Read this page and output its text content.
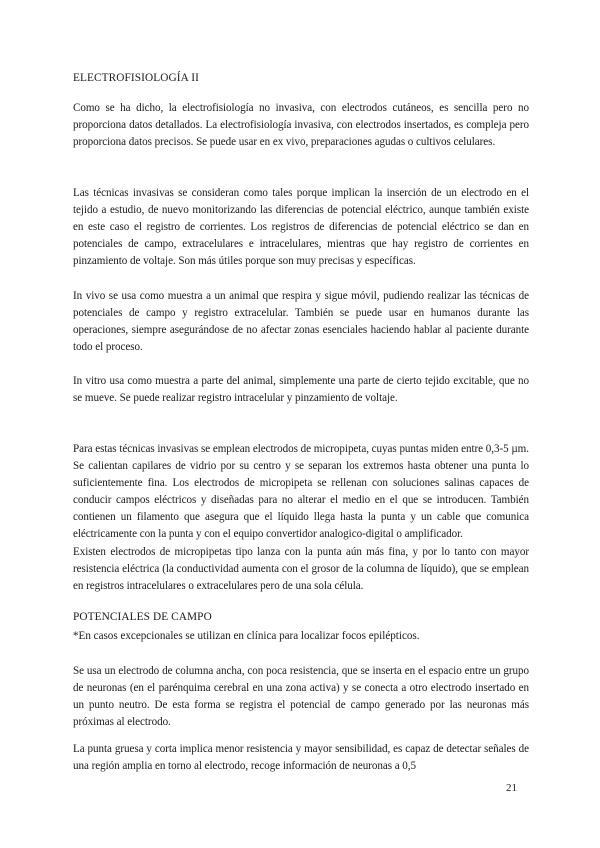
ELECTROFISIOLOGÍA II

Como se ha dicho, la electrofisiología no invasiva, con electrodos cutáneos, es sencilla pero no proporciona datos detallados. La electrofisiología invasiva, con electrodos insertados, es compleja pero proporciona datos precisos. Se puede usar en ex vivo, preparaciones agudas o cultivos celulares.

Las técnicas invasivas se consideran como tales porque implican la inserción de un electrodo en el tejido a estudio, de nuevo monitorizando las diferencias de potencial eléctrico, aunque también existe en este caso el registro de corrientes. Los registros de diferencias de potencial eléctrico se dan en potenciales de campo, extracelulares e intracelulares, mientras que hay registro de corrientes en pinzamiento de voltaje. Son más útiles porque son muy precisas y específicas.

In vivo se usa como muestra a un animal que respira y sigue móvil, pudiendo realizar las técnicas de potenciales de campo y registro extracelular. También se puede usar en humanos durante las operaciones, siempre asegurándose de no afectar zonas esenciales haciendo hablar al paciente durante todo el proceso.

In vitro usa como muestra a parte del animal, simplemente una parte de cierto tejido excitable, que no se mueve. Se puede realizar registro intracelular y pinzamiento de voltaje.

Para estas técnicas invasivas se emplean electrodos de micropipeta, cuyas puntas miden entre 0,3-5 µm. Se calientan capilares de vidrio por su centro y se separan los extremos hasta obtener una punta lo suficientemente fina. Los electrodos de micropipeta se rellenan con soluciones salinas capaces de conducir campos eléctricos y diseñadas para no alterar el medio en el que se introducen. También contienen un filamento que asegura que el líquido llega hasta la punta y un cable que comunica eléctricamente con la punta y con el equipo convertidor analogico-digital o amplificador.

Existen electrodos de micropipetas tipo lanza con la punta aún más fina, y por lo tanto con mayor resistencia eléctrica (la conductividad aumenta con el grosor de la columna de líquido), que se emplean en registros intracelulares o extracelulares pero de una sola célula.

POTENCIALES DE CAMPO

*En casos excepcionales se utilizan en clínica para localizar focos epilépticos.

Se usa un electrodo de columna ancha, con poca resistencia, que se inserta en el espacio entre un grupo de neuronas (en el parénquima cerebral en una zona activa) y se conecta a otro electrodo insertado en un punto neutro. De esta forma se registra el potencial de campo generado por las neuronas más próximas al electrodo.

La punta gruesa y corta implica menor resistencia y mayor sensibilidad, es capaz de detectar señales de una región amplia en torno al electrodo, recoge información de neuronas a 0,5

21
